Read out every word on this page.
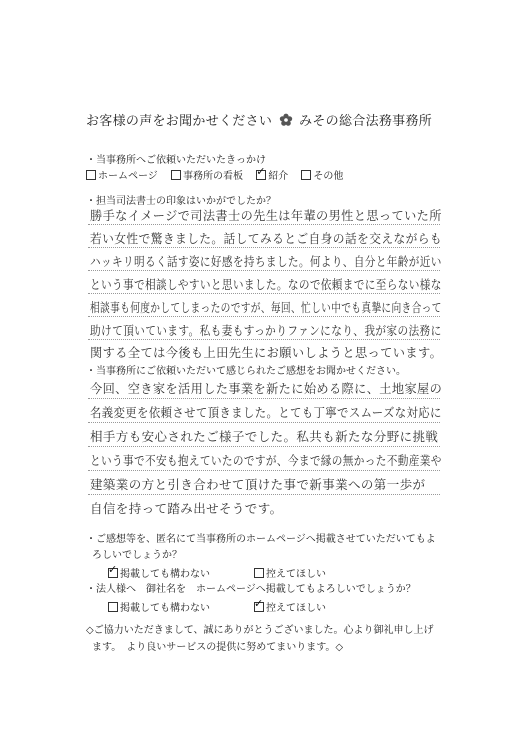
お客様の声をお聞かせください みその総合法務事務所
・当事務所へご依頼いただいたきっかけ
ホームページ	事務所の看板 ✓	紹介	その他
・担当司法書士の印象はいかがでしたか？
勝手なイメージで司法書士の先生は年輩の男性と思っていた所
若い女性で驚きました。話してみるとご自身の話を交えながらも
ハッキリ明るく話す姿に好感を持ちました。何より、自分と年齢が近い
という事で相談しやすいと思いました。なので依頼までに至らない様な
相談事も何度かしてしまったのですが、毎回、忙しい中でも真摯に向き合って
助けて頂いています。私も妻もすっかりファンになり、我が家の法務に
関する全ては今後も上田先生にお願いしようと思っています。
・当事務所にご依頼いただいて感じられたご感想をお聞かせください。
今回、空き家を活用した事業を新たに始める際に、土地家屋の
名義変更を依頼させて頂きました。とても丁寧でスムーズな対応に
相手方も安心されたご様子でした。私共も新たな分野に挑戦
という事で不安も抱えていたのですが、今まで縁の無かった不動産業や
建築業の方と引き合わせて頂けた事で新事業への第一歩が
自信を持って踏み出せそうです。
・ご感想等を、匿名にて当事務所のホームページへ掲載させていただいてもよ
ろしいでしょうか？
✓掲載しても構わない	控えてほしい
・法人様へ　御社名を　ホームページへ掲載してもよろしいでしょうか？
掲載しても構わない ✓	控えてほしい
◇ご協力いただきまして、誠にありがとうございました。心より御礼申し上げ
ます。　より良いサービスの提供に努めてまいります。◇
